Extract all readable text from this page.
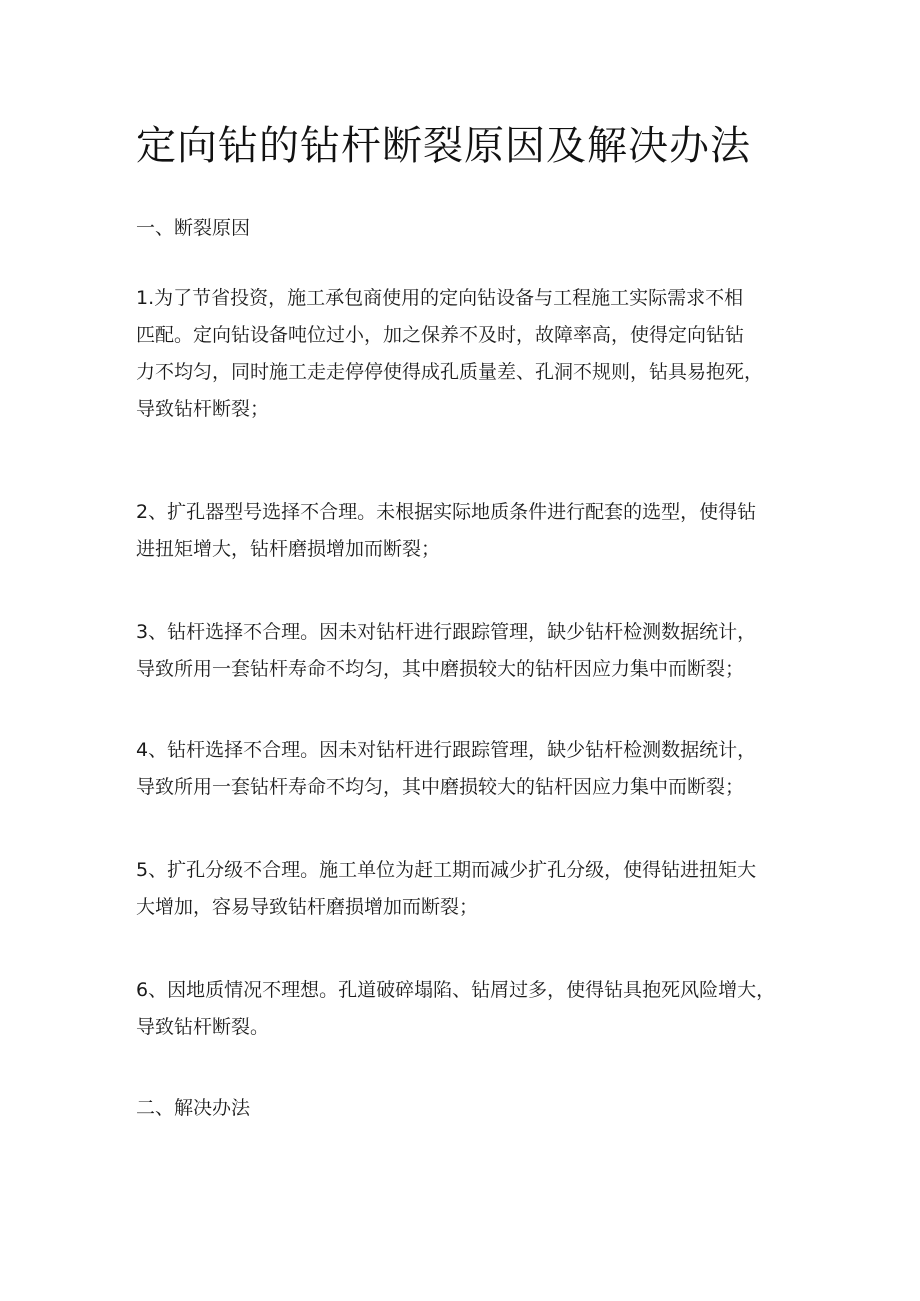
定向钻的钻杆断裂原因及解决办法
一、断裂原因

1.为了节省投资，施工承包商使用的定向钻设备与工程施工实际需求不相
匹配。定向钻设备吨位过小，加之保养不及时，故障率高，使得定向钻钻
力不均匀，同时施工走走停停使得成孔质量差、孔洞不规则，钻具易抱死，
导致钻杆断裂；

2、扩孔器型号选择不合理。未根据实际地质条件进行配套的选型，使得钻
进扭矩增大，钻杆磨损增加而断裂；

3、钻杆选择不合理。因未对钻杆进行跟踪管理，缺少钻杆检测数据统计，
导致所用一套钻杆寿命不均匀，其中磨损较大的钻杆因应力集中而断裂；

4、钻杆选择不合理。因未对钻杆进行跟踪管理，缺少钻杆检测数据统计，
导致所用一套钻杆寿命不均匀，其中磨损较大的钻杆因应力集中而断裂；

5、扩孔分级不合理。施工单位为赶工期而减少扩孔分级，使得钻进扭矩大
大增加，容易导致钻杆磨损增加而断裂；

6、因地质情况不理想。孔道破碎塌陷、钻屑过多，使得钻具抱死风险增大，
导致钻杆断裂。

二、解决办法
